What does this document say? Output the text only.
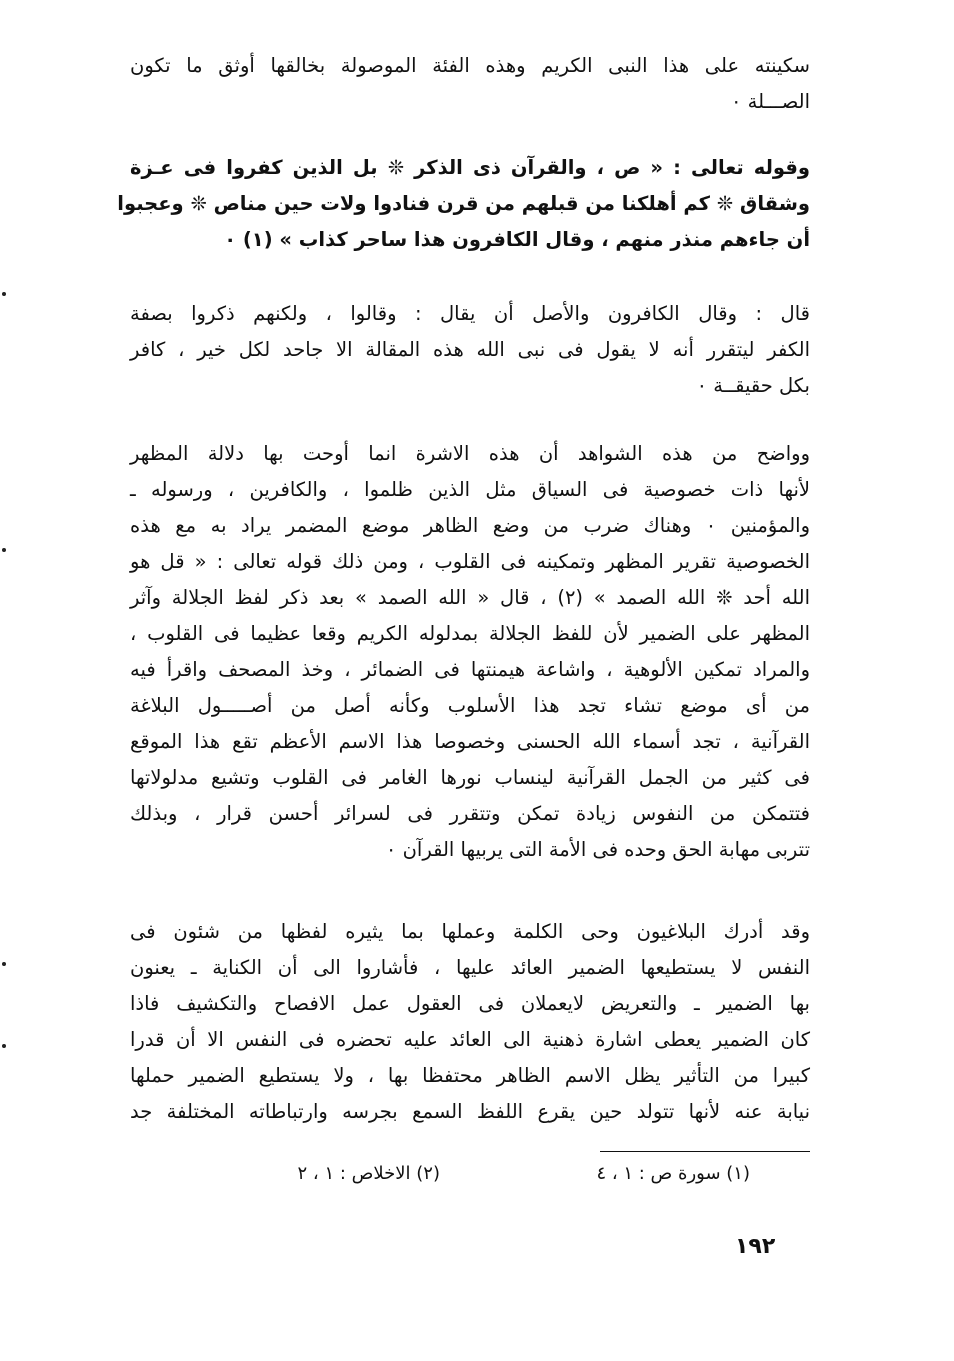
سكينته على هذا النبى الكريم وهذه الفئة الموصولة بخالقها أوثق ما تكون
الصـــلة ٠
وقوله تعالى : « ص ، والقرآن ذى الذكر ❊ بل الذين كفروا فى عـزة
وشقاق ❊ كم أهلكنا من قبلهم من قرن فنادوا ولات حين مناص ❊ وعجبوا
أن جاءهم منذر منهم ، وقال الكافرون هذا ساحر كذاب » (١) ٠
قال : وقال الكافرون والأصل أن يقال : وقالوا ، ولكنهم ذكروا بصفة
الكفر ليتقرر أنه لا يقول فى نبى الله هذه المقالة الا جاحد لكل خير ، كافر
بكل حقيقــة ٠
وواضح من هذه الشواهد أن هذه الاشرة انما أوحت بها دلالة المظهر
لأنها ذات خصوصية فى السياق مثل الذين ظلموا ، والكافرين ، ورسوله ـ
والمؤمنين ٠ وهناك ضرب من وضع الظاهر موضع المضمر يراد به مع هذه
الخصوصية تقرير المظهر وتمكينه فى القلوب ، ومن ذلك قوله تعالى : « قل هو
الله أحد ❊ الله الصمد » (٢) ، قال « الله الصمد » بعد ذكر لفظ الجلالة وآثر
المظهر على الضمير لأن للفظ الجلالة بمدلوله الكريم وقعا عظيما فى القلوب ،
والمراد تمكين الألوهية ، واشاعة هيمنتها فى الضمائر ، وخذ المصحف واقرأ فيه
من أى موضع تشاء تجد هذا الأسلوب وكأنه أصل من أصـــــول البلاغة
القرآنية ، تجد أسماء الله الحسنى وخصوصا هذا الاسم الأعظم تقع هذا الموقع
فى كثير من الجمل القرآنية لينساب نورها الغامر فى القلوب وتشيع مدلولاتها
فتتمكن من النفوس زيادة تمكن وتتقرر فى لسرائر أحسن قرار ، وبذلك
تتربى مهابة الحق وحده فى الأمة التى يربيها القرآن ٠
وقد أدرك البلاغيون وحى الكلمة وعملها بما يثيره لفظها من شئون فى
النفس لا يستطيعها الضمير العائد عليها ، فأشاروا الى أن الكناية ـ يعنون
بها الضمير ـ والتعريض لايعملان فى العقول عمل الافصاح والتكشيف فاذا
كان الضمير يعطى اشارة ذهنية الى العائد عليه تحضره فى النفس الا أن قدرا
كبيرا من التأثير يظل الاسم الظاهر محتفظا بها ، ولا يستطيع الضمير حملها
نيابة عنه لأنها تتولد حين يقرع اللفظ السمع بجرسه وارتباطاته المختلفة جد
(١) سورة ص : ١ ، ٤
(٢) الاخلاص : ١ ، ٢
١٩٢
